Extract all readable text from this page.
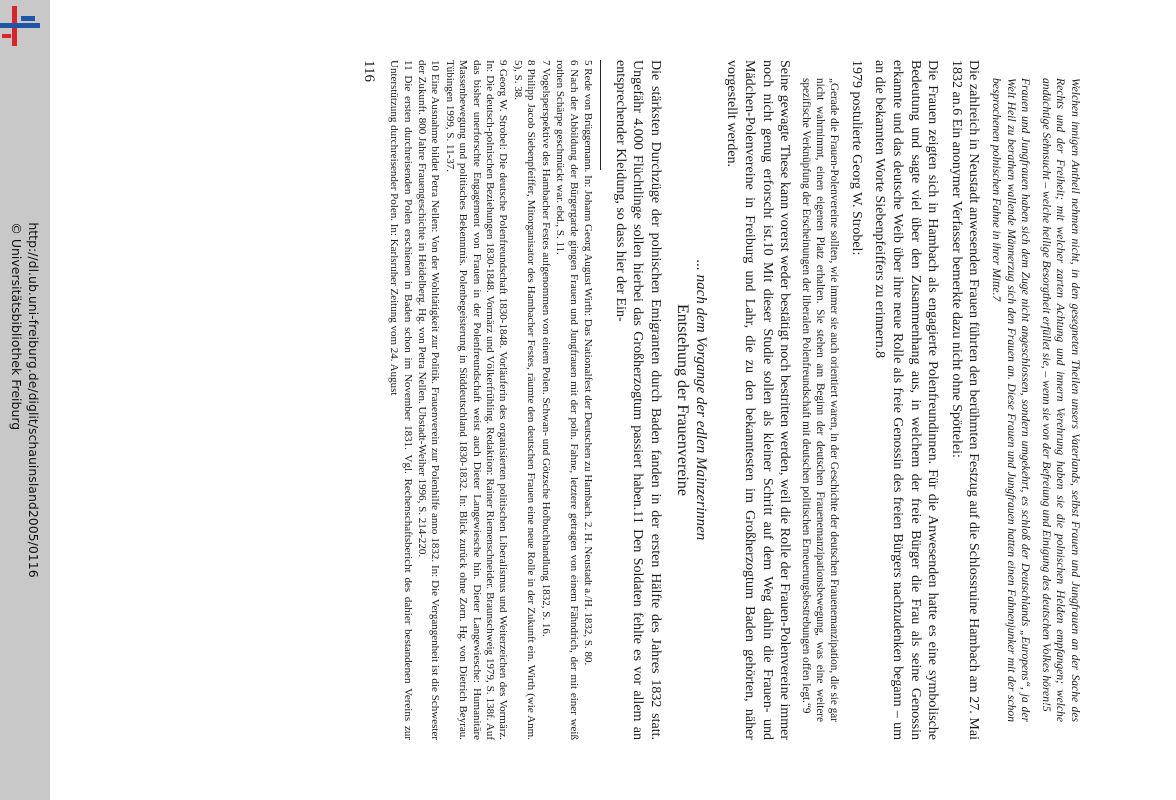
http://dl.ub.uni-freiburg.de/diglit/schauinsland2005/0116
© Universitätsbibliothek Freiburg	Welchen innigen Antheil nehmen nicht, in den gesegneten Theilen unsers Vaterlands, selbst Frauen und Jungfrauen an der Sache des Rechts und der Freiheit; mit welcher zarten Achtung und innern Verehrung haben sie die polnischen Helden empfangen; welche andächtige Sehnsucht – welche heilige Besorgtheit erfüllet sie, – wenn sie von der Befreiung und Einigung des deutschen Volkes hören!5

Frauen und Jungfrauen haben sich dem Zuge nicht angeschlossen, sondern umgekehrt, es schloß der Deutschlands „Europens“, ja der Welt Heil zu berathen wallende Männerzug sich den Frauen an. Diese Frauen und Jungfrauen hatten einen Fahnenjunker mit der schon besprochenen polnischen Fahne in ihrer Mitte.7

Die zahlreich in Neustadt anwesenden Frauen führten den berühmten Festzug auf die Schlossruine Hambach am 27. Mai 1832 an.6 Ein anonymer Verfasser bemerkte dazu nicht ohne Spöttelei:

Die Frauen zeigten sich in Hambach als engagierte Polenfreundinnen. Für die Anwesenden hatte es eine symbolische Bedeutung und sagte viel über den Zusammenhang aus, in welchem der freie Bürger die Frau als seine Genossin erkannte und das deutsche Weib über ihre neue Rolle als freie Genossin des freien Bürgers nachzudenken begann – um an die bekannten Worte Siebenpfeiffers zu erinnern.8

1979 postulierte Georg W. Strobel:

„Gerade die Frauen-Polenvereine sollten, wie immer sie auch orientiert waren, in der Geschichte der deutschen Frauenemanzipation, die sie gar nicht wahrnimmt, einen eigenen Platz erhalten. Sie stehen am Beginn der deutschen Frauenemanzipationsbewegung, was eine weitere spezifische Verknüpfung der Erscheinungen der liberalen Polenfreundschaft mit deutschen politischen Erneuerungsbestrebungen offen legt.“9

Seine gewagte These kann vorerst weder bestätigt noch bestritten werden, weil die Rolle der Frauen-Polenvereine immer noch nicht genug erforscht ist.10 Mit dieser Studie sollen als kleiner Schritt auf dem Weg dahin die Frauen- und Mädchen-Polenvereine in Freiburg und Lahr, die zu den bekanntesten im Großherzogtum Baden gehörten, näher vorgestellt werden.

... nach dem Vorgange der edlen Mainzerinnen
Entstehung der Frauenvereine

Die stärksten Durchzüge der polnischen Emigranten durch Baden fanden in der ersten Hälfte des Jahres 1832 statt. Ungefähr 4.000 Flüchtlinge sollen hierbei das Großherzogtum passiert haben.11 Den Soldaten fehlte es vor allem an entsprechender Kleidung, so dass hier der Ein-

5 Rede von Brüggemann. In: Johann Georg August Wirth: Das Nationalfest der Deutschen zu Hambach. 2. H. Neustadt a./H. 1832, S. 80.

6 Nach der Abbildung der Bürgergarde gingen Frauen und Jungfrauen mit der poln. Fahne, letztere getragen von einem Fähndrich, der mit einer weiß rothen Schärpe geschmückt war. ebd., S. 11.

7 Vogelsperspektive des Hambacher Festes aufgenommen von einem Polen. Schwan- und Götzsche Hofbuchhandlung 1832, S. 16.

8 Philipp Jacob Siebenpfeiffer, Mitorganisator des Hambacher Festes, räumte den deutschen Frauen eine neue Rolle in der Zukunft ein. Wirth (wie Anm. 5), S. 38.

9 Georg W. Strobel: Die deutsche Polenfreundschaft 1830-1848. Vorläuferin des organisierten politischen Liberalismus und Weiterzeichen des Vormärz. In: Die deutsch-polnischen Beziehungen 1830-1848. Vormärz und Völkerfrühling. Redaktion: Rainer Riemenschneider. Braunschweig 1979, S. 138f. Auf das bisher unerforschte Engagement von Frauen in der Polenfreundschaft weist auch Dieter Langewiesche hin. Dieter Langewiesche: Humanitäre Massenbewegung und politisches Bekenntnis. Polenbegeisterung in Süddeutschland 1830-1832. In: Blick zurück ohne Zorn. Hg. von Dietrich Beyrau. Tübingen 1999, S. 11-37.

10 Eine Ausnahme bildet Petra Nellen: Von der Wohltätigkeit zur Politik. Frauenverein zur Polenhilfe anno 1832. In: Die Vergangenheit ist die Schwester der Zukunft. 800 Jahre Frauengeschichte in Heidelberg. Hg. von Petra Nellen. Ubstadt-Weiher 1996, S. 214-220.

11 Die ersten durchreisenden Polen erschienen in Baden schon im November 1831. Vgl. Rechenschaftsbericht des dahier bestandenen Vereins zur Unterstützung durchreisender Polen. In: Karlsruher Zeitung vom 24. August

116
